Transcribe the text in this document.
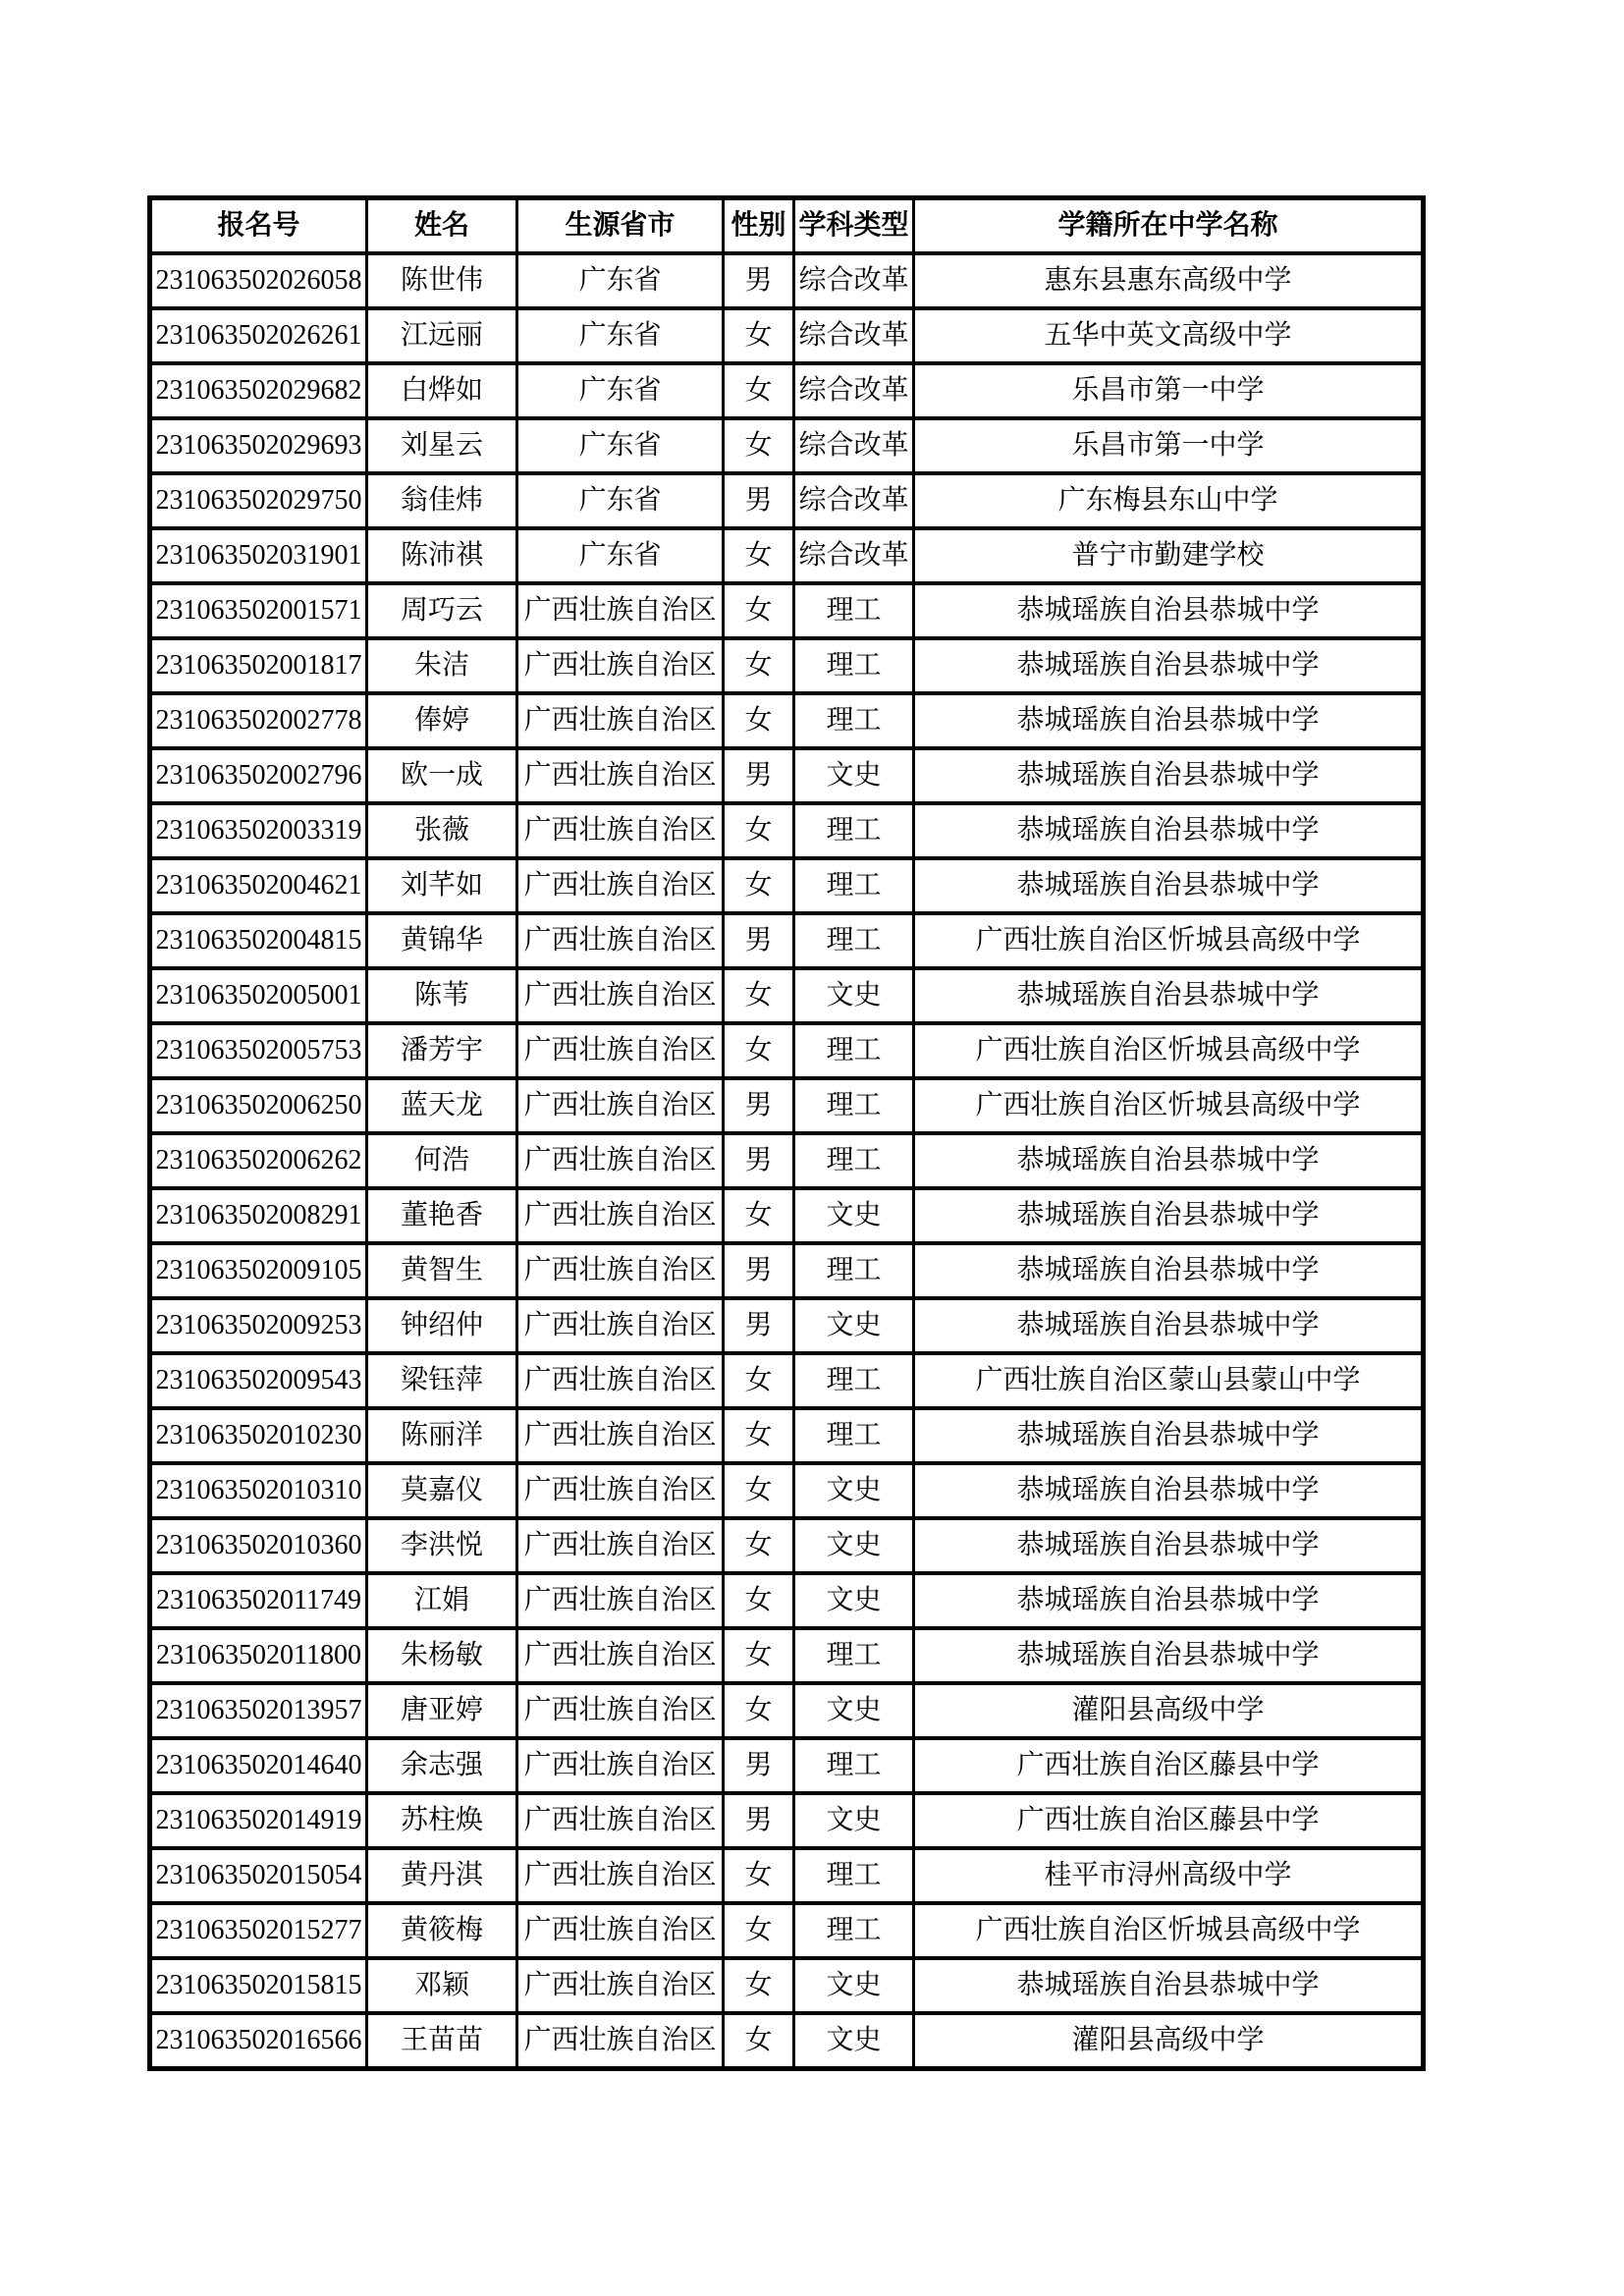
报名号	姓名	生源省市	性别	学科类型	学籍所在中学名称
231063502026058	陈世伟	广东省	男	综合改革	惠东县惠东高级中学
231063502026261	江远丽	广东省	女	综合改革	五华中英文高级中学
231063502029682	白烨如	广东省	女	综合改革	乐昌市第一中学
231063502029693	刘星云	广东省	女	综合改革	乐昌市第一中学
231063502029750	翁佳炜	广东省	男	综合改革	广东梅县东山中学
231063502031901	陈沛祺	广东省	女	综合改革	普宁市勤建学校
231063502001571	周巧云	广西壮族自治区	女	理工	恭城瑶族自治县恭城中学
231063502001817	朱洁	广西壮族自治区	女	理工	恭城瑶族自治县恭城中学
231063502002778	俸婷	广西壮族自治区	女	理工	恭城瑶族自治县恭城中学
231063502002796	欧一成	广西壮族自治区	男	文史	恭城瑶族自治县恭城中学
231063502003319	张薇	广西壮族自治区	女	理工	恭城瑶族自治县恭城中学
231063502004621	刘芊如	广西壮族自治区	女	理工	恭城瑶族自治县恭城中学
231063502004815	黄锦华	广西壮族自治区	男	理工	广西壮族自治区忻城县高级中学
231063502005001	陈苇	广西壮族自治区	女	文史	恭城瑶族自治县恭城中学
231063502005753	潘芳宇	广西壮族自治区	女	理工	广西壮族自治区忻城县高级中学
231063502006250	蓝天龙	广西壮族自治区	男	理工	广西壮族自治区忻城县高级中学
231063502006262	何浩	广西壮族自治区	男	理工	恭城瑶族自治县恭城中学
231063502008291	董艳香	广西壮族自治区	女	文史	恭城瑶族自治县恭城中学
231063502009105	黄智生	广西壮族自治区	男	理工	恭城瑶族自治县恭城中学
231063502009253	钟绍仲	广西壮族自治区	男	文史	恭城瑶族自治县恭城中学
231063502009543	梁钰萍	广西壮族自治区	女	理工	广西壮族自治区蒙山县蒙山中学
231063502010230	陈丽洋	广西壮族自治区	女	理工	恭城瑶族自治县恭城中学
231063502010310	莫嘉仪	广西壮族自治区	女	文史	恭城瑶族自治县恭城中学
231063502010360	李洪悦	广西壮族自治区	女	文史	恭城瑶族自治县恭城中学
231063502011749	江娟	广西壮族自治区	女	文史	恭城瑶族自治县恭城中学
231063502011800	朱杨敏	广西壮族自治区	女	理工	恭城瑶族自治县恭城中学
231063502013957	唐亚婷	广西壮族自治区	女	文史	灌阳县高级中学
231063502014640	余志强	广西壮族自治区	男	理工	广西壮族自治区藤县中学
231063502014919	苏柱焕	广西壮族自治区	男	文史	广西壮族自治区藤县中学
231063502015054	黄丹淇	广西壮族自治区	女	理工	桂平市浔州高级中学
231063502015277	黄筱梅	广西壮族自治区	女	理工	广西壮族自治区忻城县高级中学
231063502015815	邓颖	广西壮族自治区	女	文史	恭城瑶族自治县恭城中学
231063502016566	王苗苗	广西壮族自治区	女	文史	灌阳县高级中学
